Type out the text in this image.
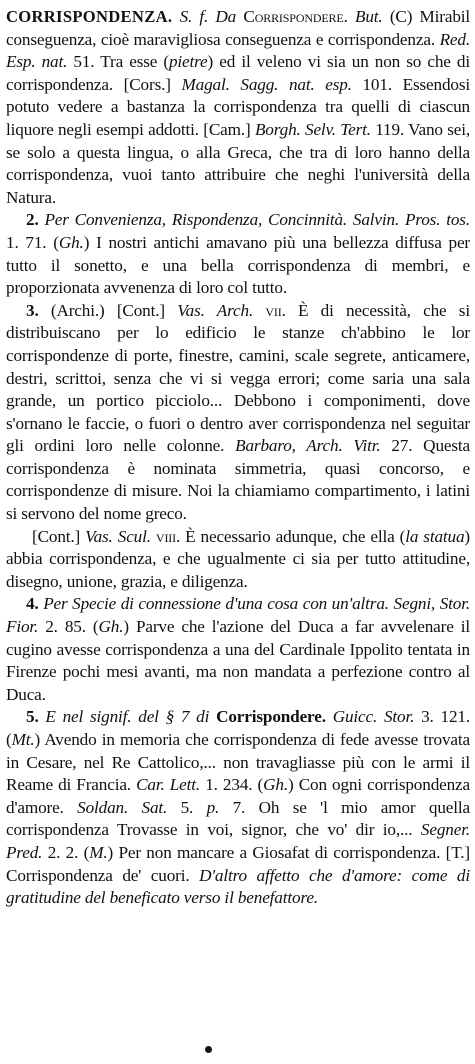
CORRISPONDENZA. S. f. Da Corrispondere. But. (C) Mirabil conseguenza, cioè maravigliosa conseguenza e corrispondenza. Red. Esp. nat. 51. Tra esse (pietre) ed il veleno vi sia un non so che di corrispondenza. [Cors.] Magal. Sagg. nat. esp. 101. Essendosi potuto vedere a bastanza la corrispondenza tra quelli di ciascun liquore negli esempi addotti. [Cam.] Borgh. Selv. Tert. 119. Vano sei, se solo a questa lingua, o alla Greca, che tra di loro hanno della corrispondenza, vuoi tanto attribuire che neghi l'università della Natura.

2. Per Convenienza, Rispondenza, Concinnità. Salvin. Pros. tos. 1. 71. (Gh.) I nostri antichi amavano più una bellezza diffusa per tutto il sonetto, e una bella corrispondenza di membri, e proporzionata avvenenza di loro col tutto.

3. (Archi.) [Cont.] Vas. Arch. vii. È di necessità, che si distribuiscano per lo edificio le stanze ch'abbino le lor corrispondenze di porte, finestre, camini, scale segrete, anticamere, destri, scrittoi, senza che vi si vegga errori; come saria una sala grande, un portico picciolo... Debbono i componimenti, dove s'ornano le faccie, o fuori o dentro aver corrispondenza nel seguitar gli ordini loro nelle colonne. Barbaro, Arch. Vitr. 27. Questa corrispondenza è nominata simmetria, quasi concorso, e corrispondenze di misure. Noi la chiamiamo compartimento, i latini si servono del nome greco.

[Cont.] Vas. Scul. viii. È necessario adunque, che ella (la statua) abbia corrispondenza, e che ugualmente ci sia per tutto attitudine, disegno, unione, grazia, e diligenza.

4. Per Specie di connessione d'una cosa con un'altra. Segni, Stor. Fior. 2. 85. (Gh.) Parve che l'azione del Duca a far avvelenare il cugino avesse corrispondenza a una del Cardinale Ippolito tentata in Firenze pochi mesi avanti, ma non mandata a perfezione contro al Duca.

5. E nel signif. del § 7 di Corrispondere. Guicc. Stor. 3. 121. (Mt.) Avendo in memoria che corrispondenza di fede avesse trovata in Cesare, nel Re Cattolico,... non travagliasse più con le armi il Reame di Francia. Car. Lett. 1. 234. (Gh.) Con ogni corrispondenza d'amore. Soldan. Sat. 5. p. 7. Oh se 'l mio amor quella corrispondenza Trovasse in voi, signor, che vo' dir io,... Segner. Pred. 2. 2. (M.) Per non mancare a Giosafat di corrispondenza. [T.] Corrispondenza de' cuori. D'altro affetto che d'amore: come di gratitudine del beneficato verso il benefattore.
